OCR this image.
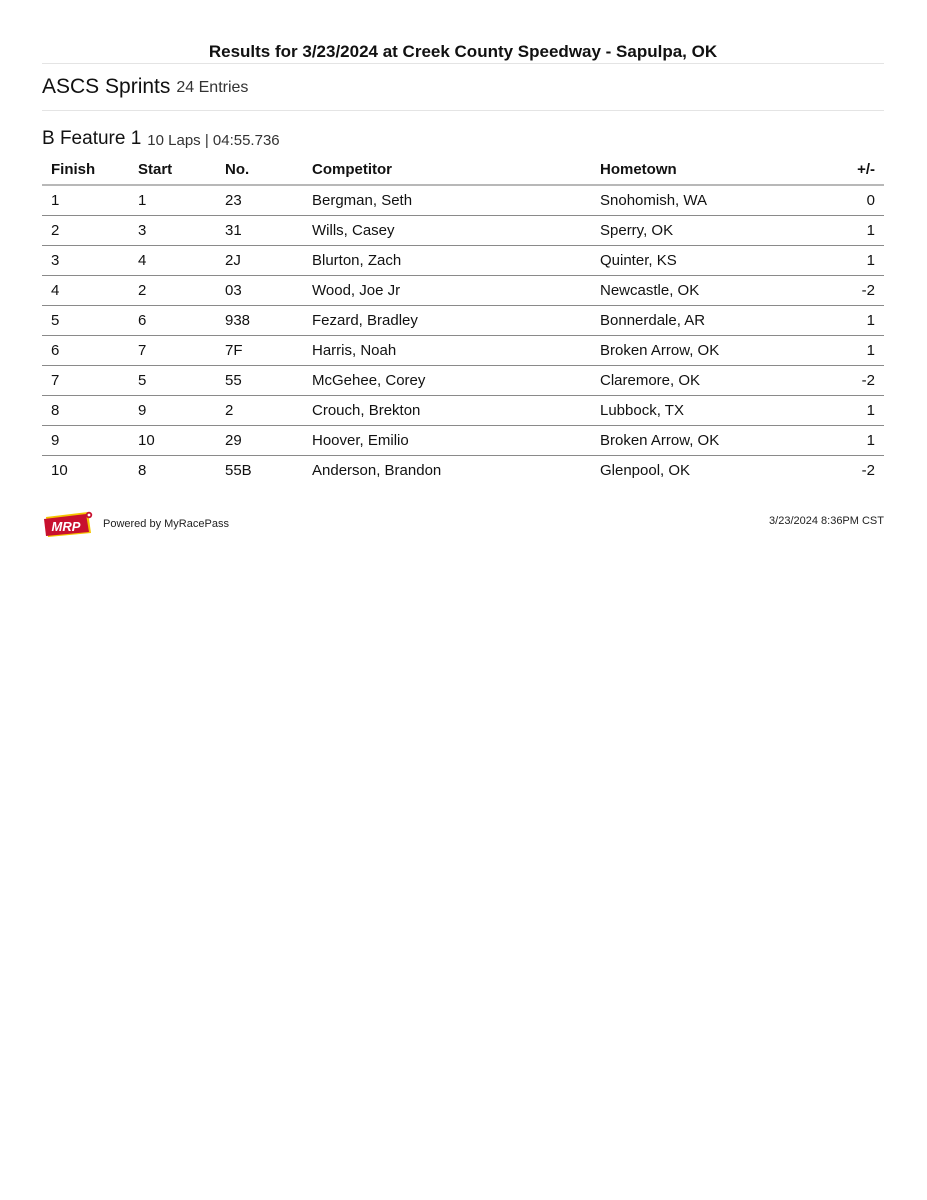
Results for 3/23/2024 at Creek County Speedway - Sapulpa, OK
ASCS Sprints 24 Entries
B Feature 1 10 Laps | 04:55.736
Finish	Start	No.	Competitor	Hometown	+/-
1	1	23	Bergman, Seth	Snohomish, WA	0
2	3	31	Wills, Casey	Sperry, OK	1
3	4	2J	Blurton, Zach	Quinter, KS	1
4	2	03	Wood, Joe Jr	Newcastle, OK	-2
5	6	938	Fezard, Bradley	Bonnerdale, AR	1
6	7	7F	Harris, Noah	Broken Arrow, OK	1
7	5	55	McGehee, Corey	Claremore, OK	-2
8	9	2	Crouch, Brekton	Lubbock, TX	1
9	10	29	Hoover, Emilio	Broken Arrow, OK	1
10	8	55B	Anderson, Brandon	Glenpool, OK	-2
MRP Powered by MyRacePass	3/23/2024 8:36PM CST
